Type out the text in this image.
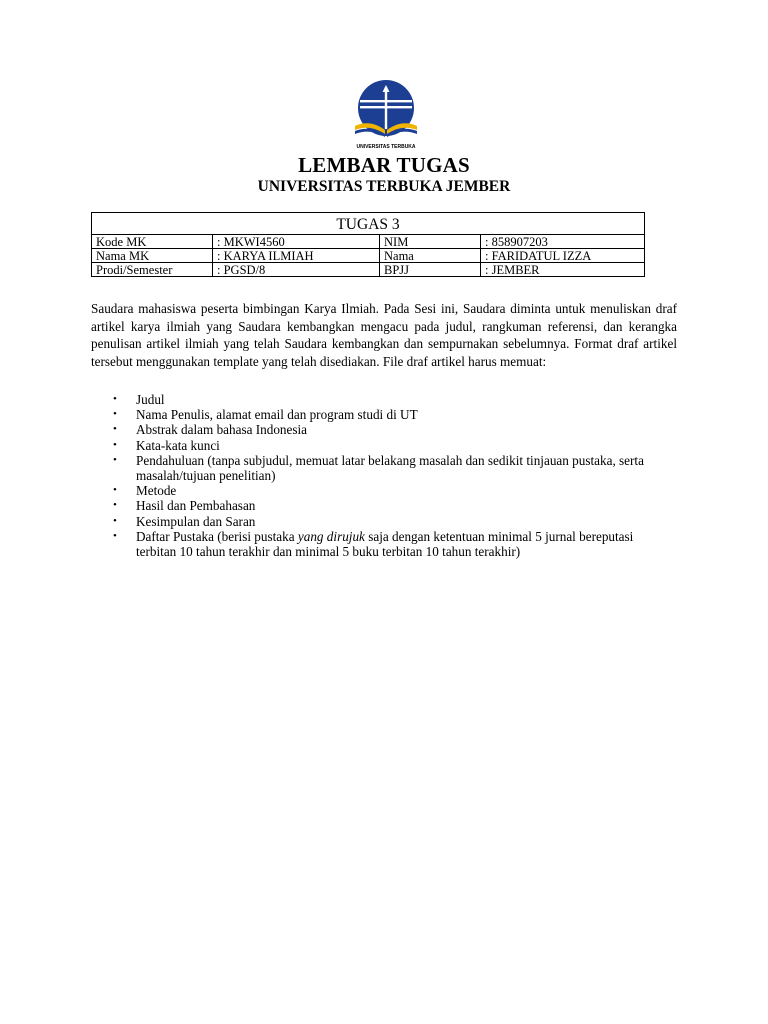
UNIVERSITAS TERBUKA
LEMBAR TUGAS
UNIVERSITAS TERBUKA JEMBER
TUGAS 3			
Kode MK	: MKWI4560	NIM	: 858907203
Nama MK	: KARYA ILMIAH	Nama	: FARIDATUL IZZA
Prodi/Semester	: PGSD/8	BPJJ	: JEMBER

Saudara mahasiswa peserta bimbingan Karya Ilmiah. Pada Sesi ini, Saudara diminta untuk menuliskan draf artikel karya ilmiah yang Saudara kembangkan mengacu pada judul, rangkuman referensi, dan kerangka penulisan artikel ilmiah yang telah Saudara kembangkan dan sempurnakan sebelumnya. Format draf artikel tersebut menggunakan template yang telah disediakan. File draf artikel harus memuat:

• Judul
• Nama Penulis, alamat email dan program studi di UT
• Abstrak dalam bahasa Indonesia
• Kata-kata kunci
• Pendahuluan (tanpa subjudul, memuat latar belakang masalah dan sedikit tinjauan pustaka, serta masalah/tujuan penelitian)
• Metode
• Hasil dan Pembahasan
• Kesimpulan dan Saran
• Daftar Pustaka (berisi pustaka yang dirujuk saja dengan ketentuan minimal 5 jurnal bereputasi terbitan 10 tahun terakhir dan minimal 5 buku terbitan 10 tahun terakhir)
